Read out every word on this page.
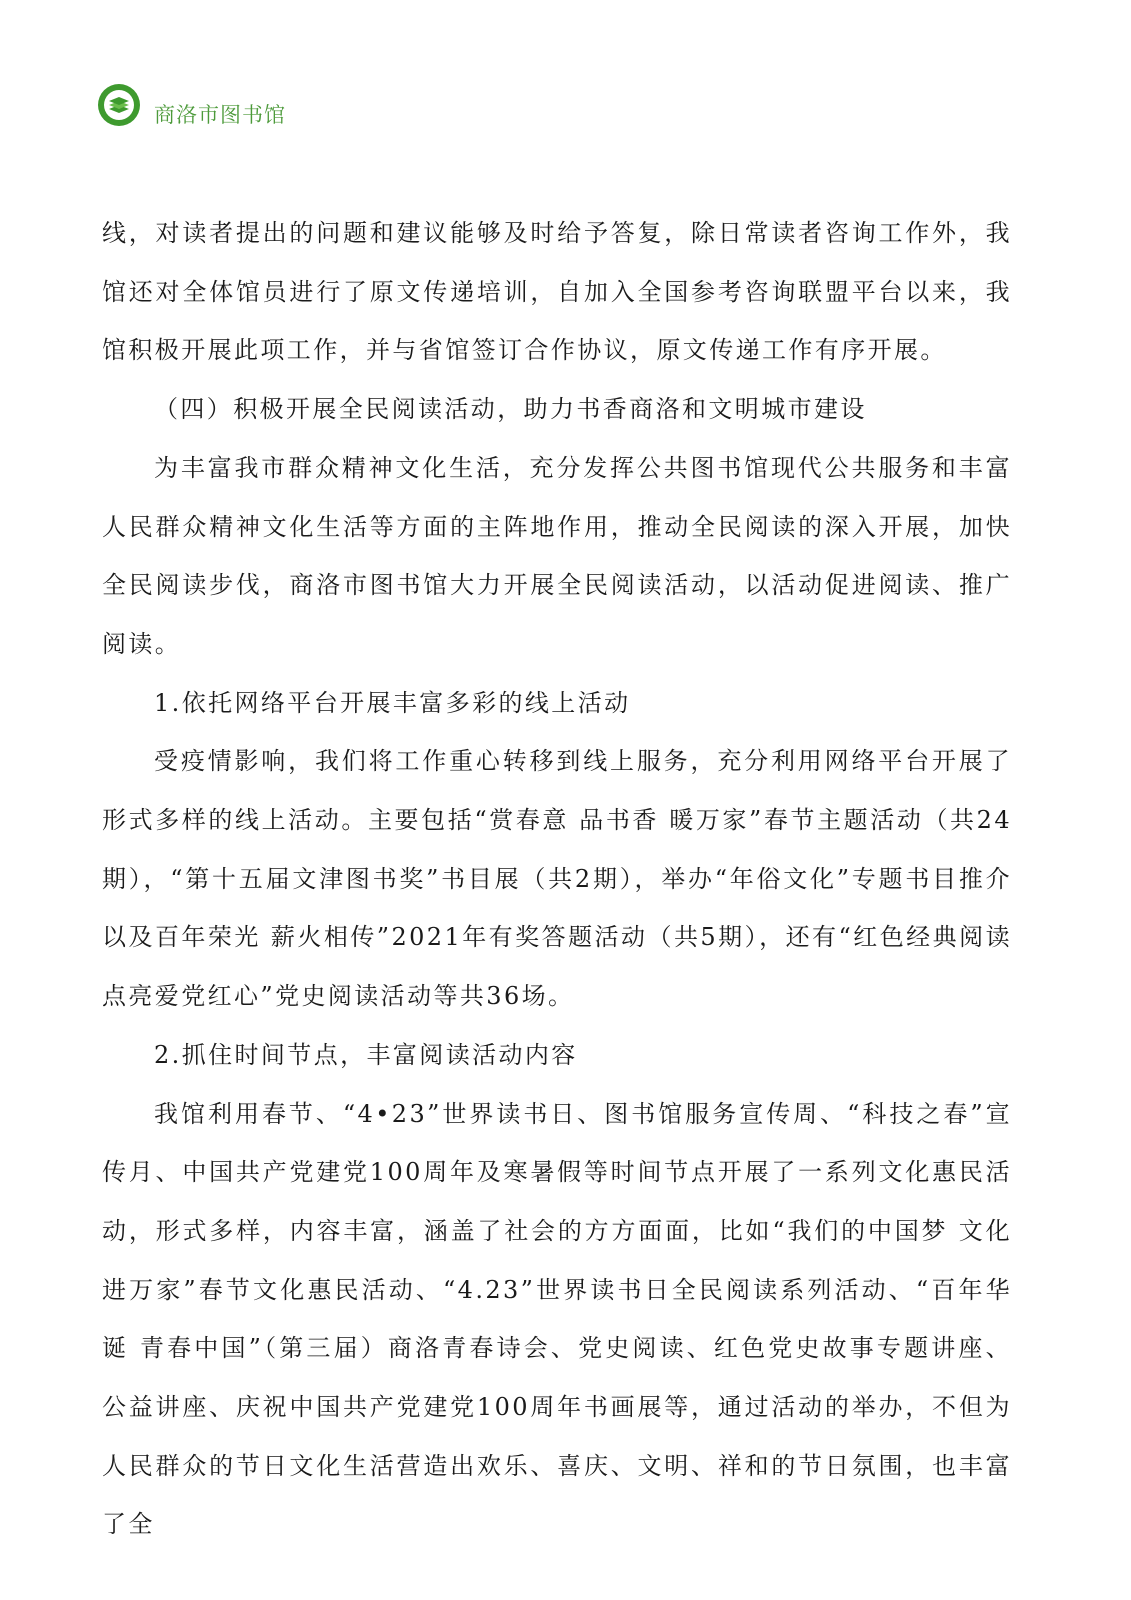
商洛市图书馆

线，对读者提出的问题和建议能够及时给予答复，除日常读者咨询工作外，我馆还对全体馆员进行了原文传递培训，自加入全国参考咨询联盟平台以来，我馆积极开展此项工作，并与省馆签订合作协议，原文传递工作有序开展。

（四）积极开展全民阅读活动，助力书香商洛和文明城市建设

为丰富我市群众精神文化生活，充分发挥公共图书馆现代公共服务和丰富人民群众精神文化生活等方面的主阵地作用，推动全民阅读的深入开展，加快全民阅读步伐，商洛市图书馆大力开展全民阅读活动，以活动促进阅读、推广阅读。

1.依托网络平台开展丰富多彩的线上活动

受疫情影响，我们将工作重心转移到线上服务，充分利用网络平台开展了形式多样的线上活动。主要包括“赏春意 品书香 暖万家”春节主题活动（共24期），“第十五届文津图书奖”书目展（共2期），举办“年俗文化”专题书目推介以及百年荣光 薪火相传”2021年有奖答题活动（共5期），还有“红色经典阅读 点亮爱党红心”党史阅读活动等共36场。

2.抓住时间节点，丰富阅读活动内容

我馆利用春节、“4•23”世界读书日、图书馆服务宣传周、“科技之春”宣传月、中国共产党建党100周年及寒暑假等时间节点开展了一系列文化惠民活动，形式多样，内容丰富，涵盖了社会的方方面面，比如“我们的中国梦 文化进万家”春节文化惠民活动、“4.23”世界读书日全民阅读系列活动、“百年华诞 青春中国”（第三届）商洛青春诗会、党史阅读、红色党史故事专题讲座、公益讲座、庆祝中国共产党建党100周年书画展等，通过活动的举办，不但为人民群众的节日文化生活营造出欢乐、喜庆、文明、祥和的节日氛围，也丰富了全
